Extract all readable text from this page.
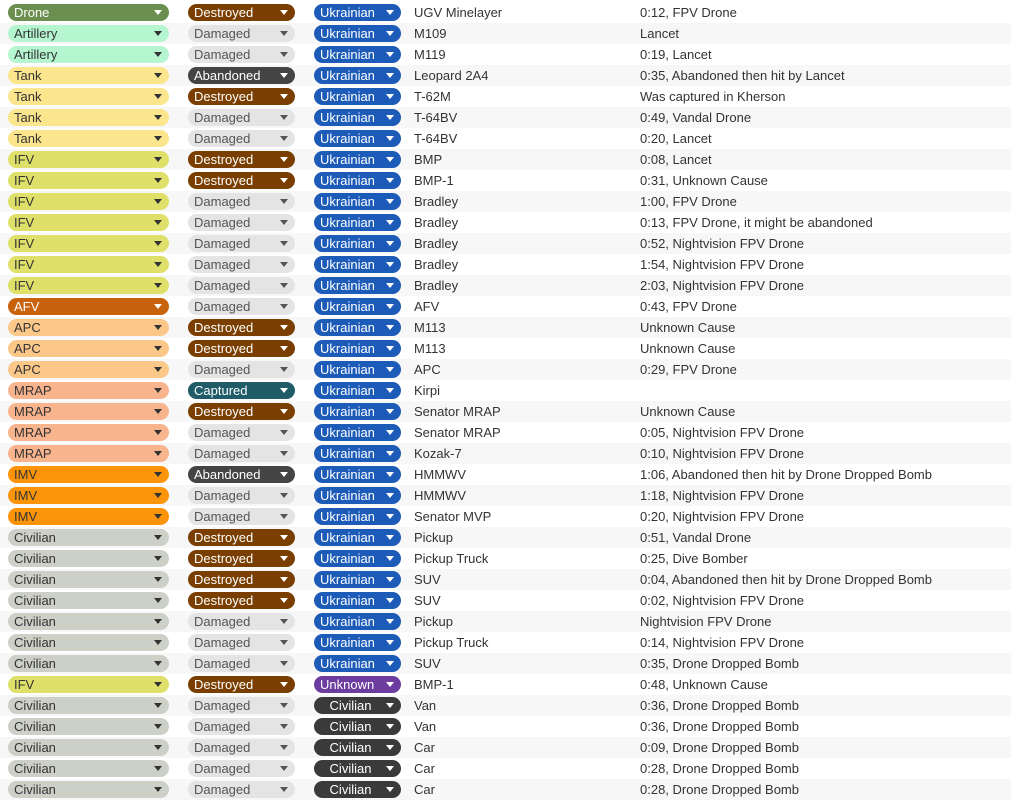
Drone	Destroyed	Ukrainian	UGV Minelayer	0:12, FPV Drone
Artillery	Damaged	Ukrainian	M109	Lancet
Artillery	Damaged	Ukrainian	M119	0:19, Lancet
Tank	Abandoned	Ukrainian	Leopard 2A4	0:35, Abandoned then hit by Lancet
Tank	Destroyed	Ukrainian	T-62M	Was captured in Kherson
Tank	Damaged	Ukrainian	T-64BV	0:49, Vandal Drone
Tank	Damaged	Ukrainian	T-64BV	0:20, Lancet
IFV	Destroyed	Ukrainian	BMP	0:08, Lancet
IFV	Destroyed	Ukrainian	BMP-1	0:31, Unknown Cause
IFV	Damaged	Ukrainian	Bradley	1:00, FPV Drone
IFV	Damaged	Ukrainian	Bradley	0:13, FPV Drone, it might be abandoned
IFV	Damaged	Ukrainian	Bradley	0:52, Nightvision FPV Drone
IFV	Damaged	Ukrainian	Bradley	1:54, Nightvision FPV Drone
IFV	Damaged	Ukrainian	Bradley	2:03, Nightvision FPV Drone
AFV	Damaged	Ukrainian	AFV	0:43, FPV Drone
APC	Destroyed	Ukrainian	M113	Unknown Cause
APC	Destroyed	Ukrainian	M113	Unknown Cause
APC	Damaged	Ukrainian	APC	0:29, FPV Drone
MRAP	Captured	Ukrainian	Kirpi
MRAP	Destroyed	Ukrainian	Senator MRAP	Unknown Cause
MRAP	Damaged	Ukrainian	Senator MRAP	0:05, Nightvision FPV Drone
MRAP	Damaged	Ukrainian	Kozak-7	0:10, Nightvision FPV Drone
IMV	Abandoned	Ukrainian	HMMWV	1:06, Abandoned then hit by Drone Dropped Bomb
IMV	Damaged	Ukrainian	HMMWV	1:18, Nightvision FPV Drone
IMV	Damaged	Ukrainian	Senator MVP	0:20, Nightvision FPV Drone
Civilian	Destroyed	Ukrainian	Pickup	0:51, Vandal Drone
Civilian	Destroyed	Ukrainian	Pickup Truck	0:25, Dive Bomber
Civilian	Destroyed	Ukrainian	SUV	0:04, Abandoned then hit by Drone Dropped Bomb
Civilian	Destroyed	Ukrainian	SUV	0:02, Nightvision FPV Drone
Civilian	Damaged	Ukrainian	Pickup	Nightvision FPV Drone
Civilian	Damaged	Ukrainian	Pickup Truck	0:14, Nightvision FPV Drone
Civilian	Damaged	Ukrainian	SUV	0:35, Drone Dropped Bomb
IFV	Destroyed	Unknown	BMP-1	0:48, Unknown Cause
Civilian	Damaged	Civilian	Van	0:36, Drone Dropped Bomb
Civilian	Damaged	Civilian	Van	0:36, Drone Dropped Bomb
Civilian	Damaged	Civilian	Car	0:09, Drone Dropped Bomb
Civilian	Damaged	Civilian	Car	0:28, Drone Dropped Bomb
Civilian	Damaged	Civilian	Car	0:28, Drone Dropped Bomb
